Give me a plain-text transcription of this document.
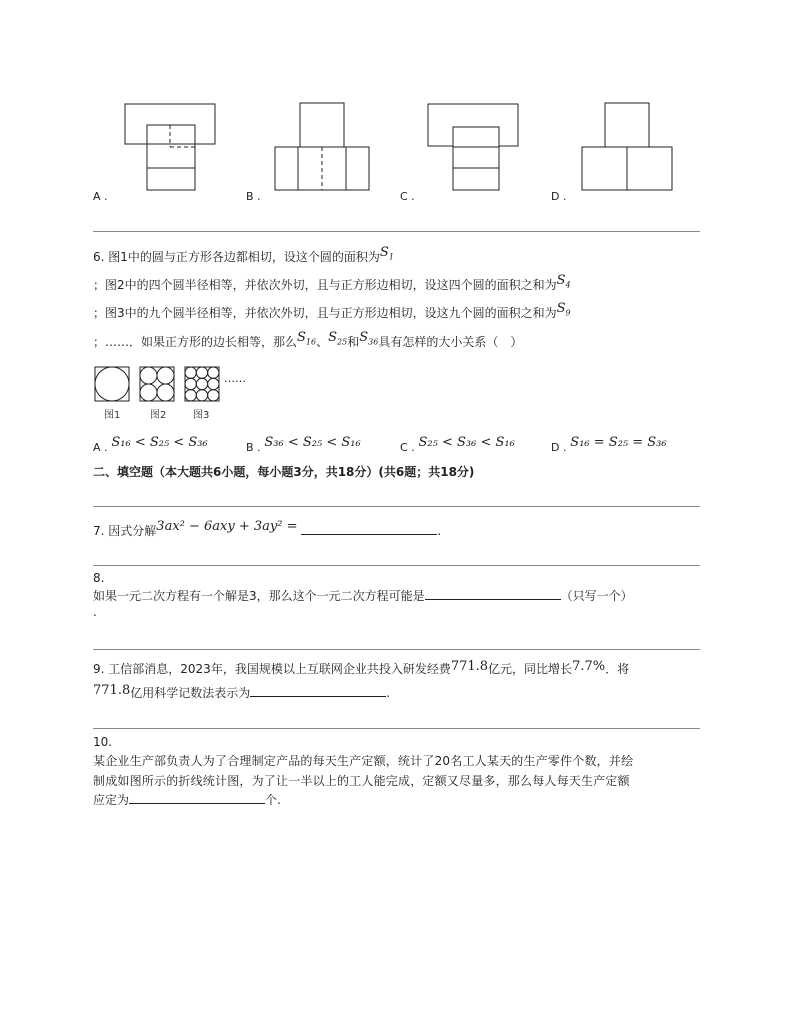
A .	B .	C .	D .
6. 图1中的圆与正方形各边都相切，设这个圆的面积为$S_1$
；图2中的四个圆半径相等，并依次外切，且与正方形边相切，设这四个圆的面积之和为$S_4$
；图3中的九个圆半径相等，并依次外切，且与正方形边相切，设这九个圆的面积之和为$S_9$
；……．如果正方形的边长相等，那么$S_{16}$、$S_{25}$和$S_{36}$具有怎样的大小关系（　）
……
图1	图2	图3
A . S₁₆ < S₂₅ < S₃₆	B . S₃₆ < S₂₅ < S₁₆	C . S₂₅ < S₃₆ < S₁₆	D . S₁₆ = S₂₅ = S₃₆
二、填空题（本大题共6小题，每小题3分，共18分）(共6题；共18分)
7. 因式分解3ax² − 6axy + 3ay² =	.
8.
如果一元二次方程有一个解是3，那么这个一元二次方程可能是	（只写一个）
.
9. 工信部消息，2023年，我国规模以上互联网企业共投入研发经费771.8亿元，同比增长7.7%．将
771.8亿用科学记数法表示为	.
10.
某企业生产部负责人为了合理制定产品的每天生产定额，统计了20名工人某天的生产零件个数，并绘
制成如图所示的折线统计图，为了让一半以上的工人能完成，定额又尽量多，那么每人每天生产定额
应定为	个.
